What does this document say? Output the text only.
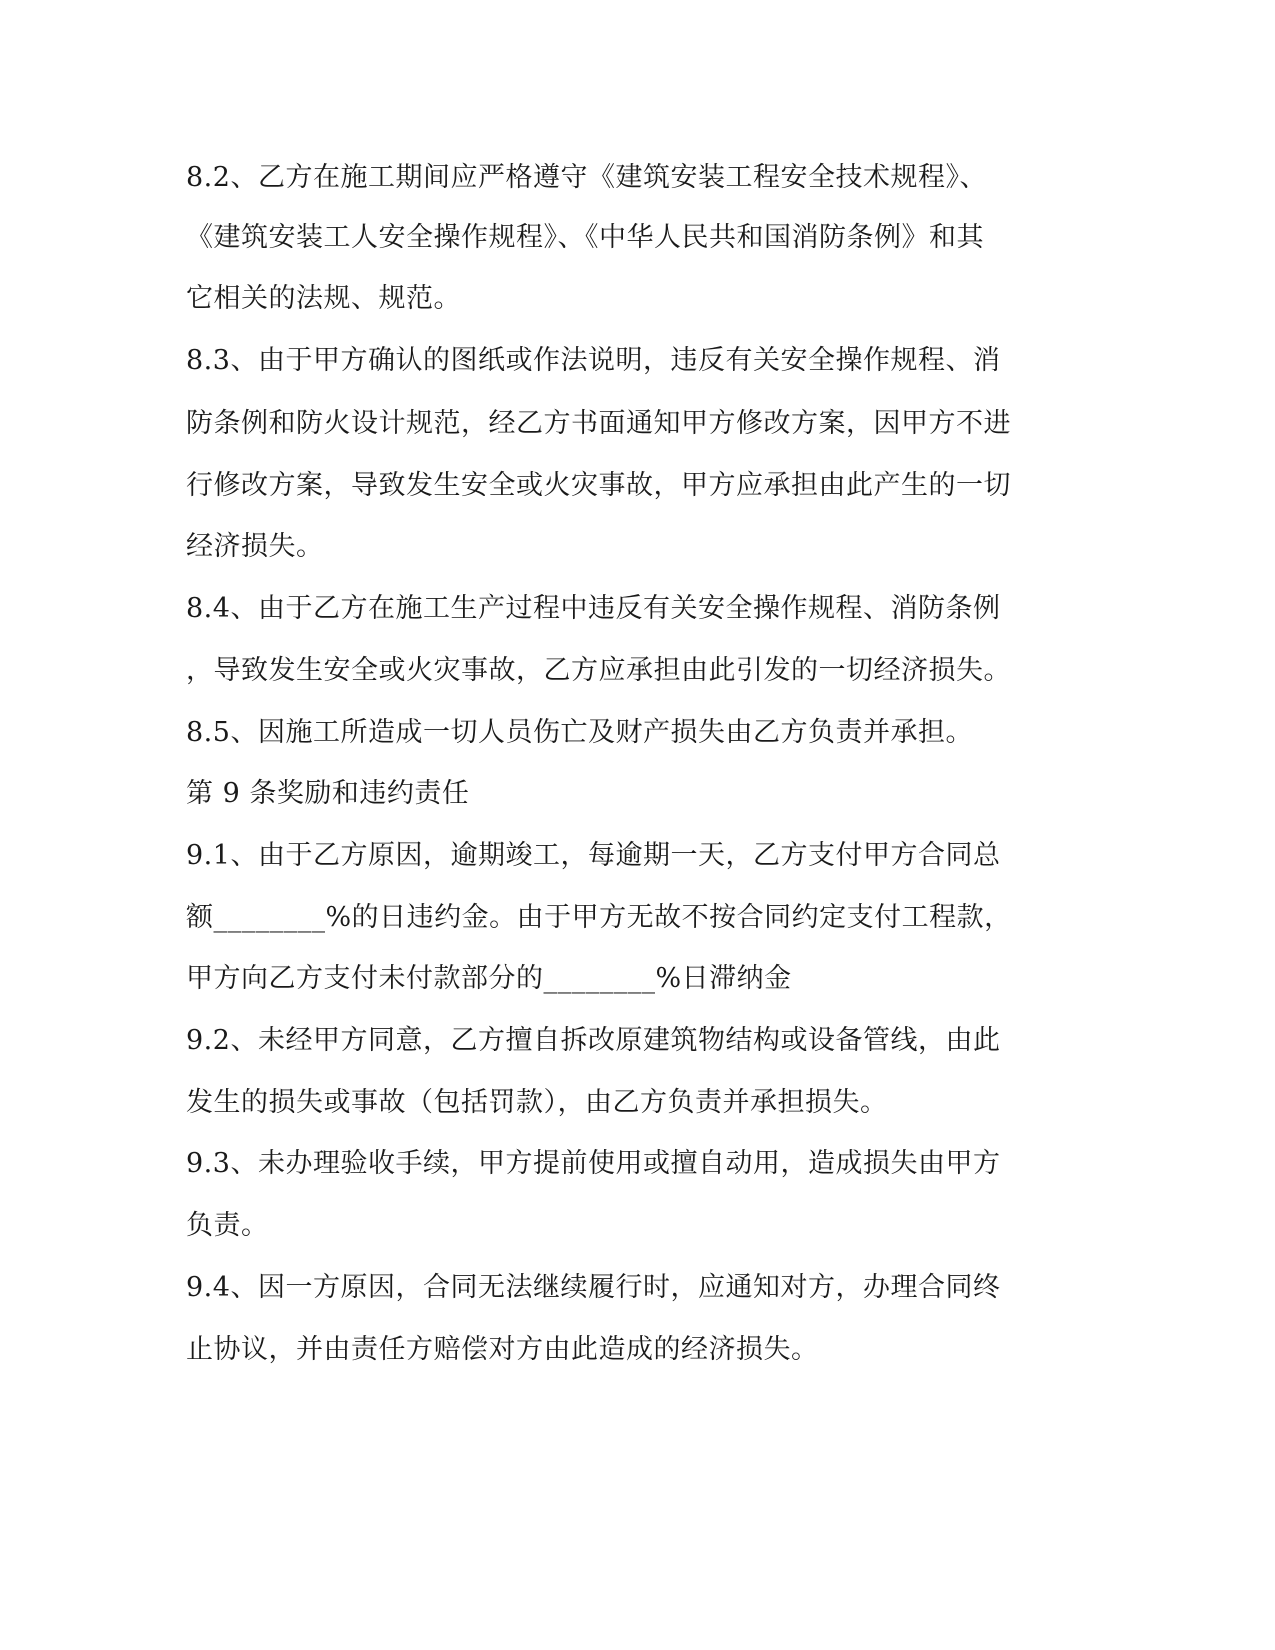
8.2、乙方在施工期间应严格遵守《建筑安装工程安全技术规程》、
《建筑安装工人安全操作规程》、《中华人民共和国消防条例》和其
它相关的法规、规范。
8.3、由于甲方确认的图纸或作法说明，违反有关安全操作规程、消
防条例和防火设计规范，经乙方书面通知甲方修改方案，因甲方不进
行修改方案，导致发生安全或火灾事故，甲方应承担由此产生的一切
经济损失。
8.4、由于乙方在施工生产过程中违反有关安全操作规程、消防条例
，导致发生安全或火灾事故，乙方应承担由此引发的一切经济损失。
8.5、因施工所造成一切人员伤亡及财产损失由乙方负责并承担。
第 9 条奖励和违约责任
9.1、由于乙方原因，逾期竣工，每逾期一天，乙方支付甲方合同总
额________%的日违约金。由于甲方无故不按合同约定支付工程款，
甲方向乙方支付未付款部分的________%日滞纳金
9.2、未经甲方同意，乙方擅自拆改原建筑物结构或设备管线，由此
发生的损失或事故（包括罚款），由乙方负责并承担损失。
9.3、未办理验收手续，甲方提前使用或擅自动用，造成损失由甲方
负责。
9.4、因一方原因，合同无法继续履行时，应通知对方，办理合同终
止协议，并由责任方赔偿对方由此造成的经济损失。
